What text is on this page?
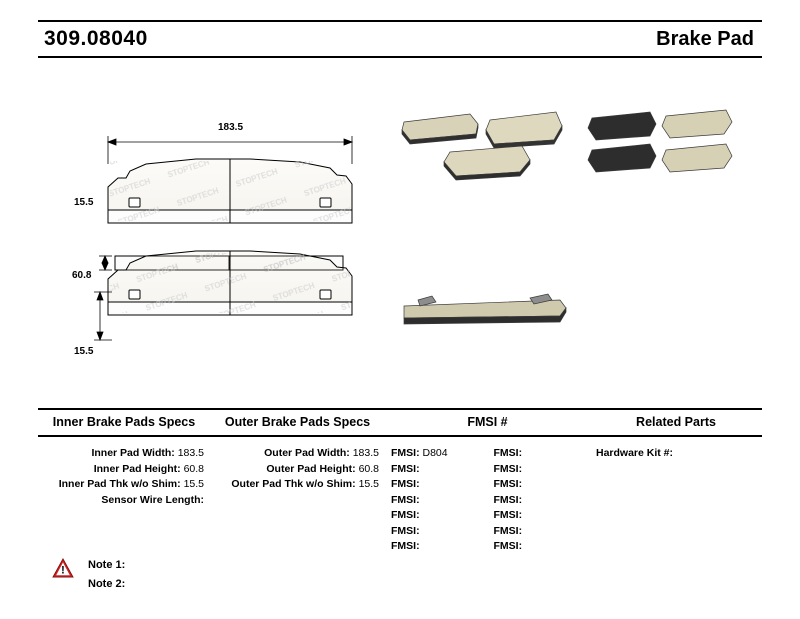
309.08040	Brake Pad
183.5
15.5
60.8
15.5
Inner Brake Pads Specs
Inner Pad Width: 183.5
Inner Pad Height: 60.8
Inner Pad Thk w/o Shim: 15.5
Sensor Wire Length:
Outer Brake Pads Specs
Outer Pad Width: 183.5
Outer Pad Height: 60.8
Outer Pad Thk w/o Shim: 15.5
FMSI #
FMSI: D804
FMSI:
FMSI:
FMSI:
FMSI:
FMSI:
FMSI:
FMSI:
FMSI:
FMSI:
FMSI:
FMSI:
FMSI:
FMSI:
Related Parts
Hardware Kit #:
! Note 1:
Note 2:
